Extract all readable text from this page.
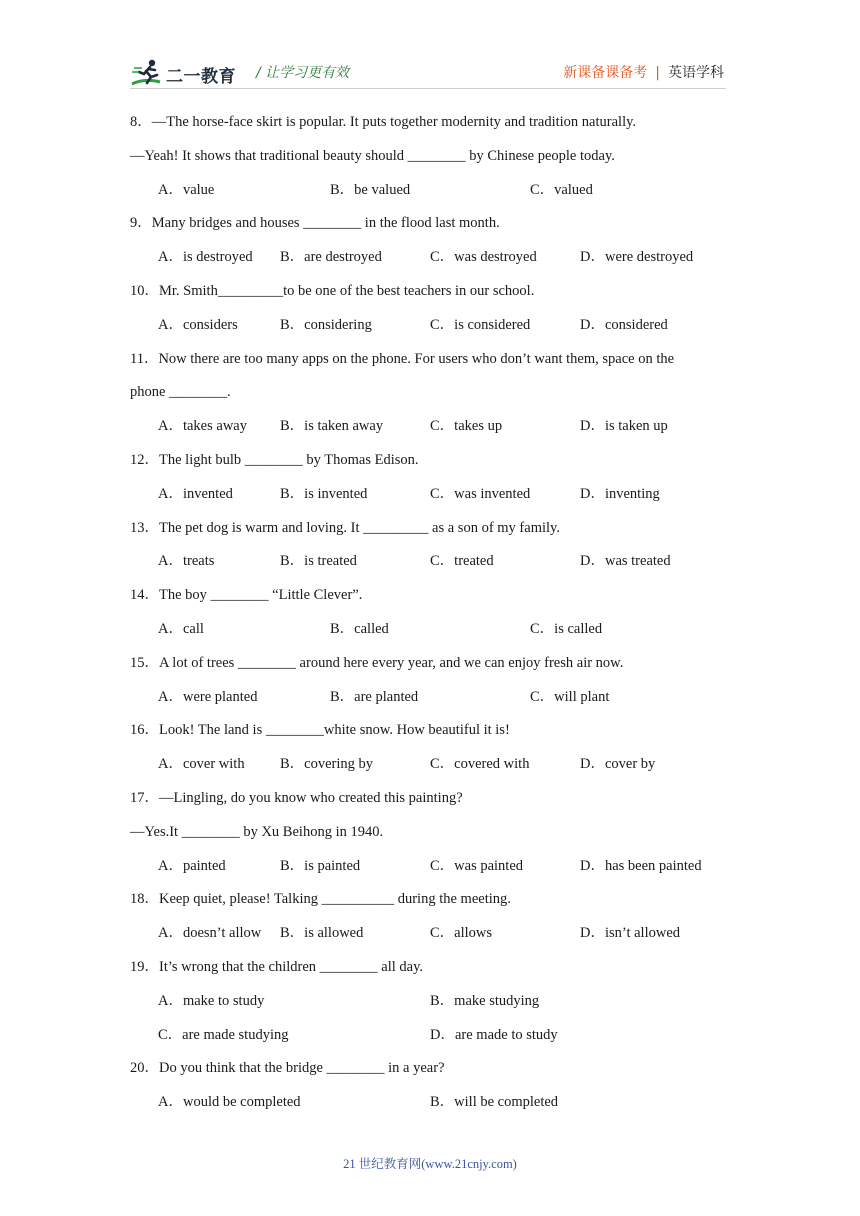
二一教育 / 让学习更有效	新课备课备考 | 英语学科
8．—The horse-face skirt is popular. It puts together modernity and tradition naturally.
—Yeah! It shows that traditional beauty should ________ by Chinese people today.
A．value	B．be valued	C．valued
9．Many bridges and houses ________ in the flood last month.
A．is destroyed B．are destroyed	C．was destroyed	D．were destroyed
10．Mr. Smith_________to be one of the best teachers in our school.
A．considers	B．considering	C．is considered	D．considered
11．Now there are too many apps on the phone. For users who don’t want them, space on the
phone ________.
A．takes away B．is taken away	C．takes up	D．is taken up
12．The light bulb ________ by Thomas Edison.
A．invented	B．is invented	C．was invented	D．inventing
13．The pet dog is warm and loving. It _________ as a son of my family.
A．treats	B．is treated	C．treated	D．was treated
14．The boy ________ “Little Clever”.
A．call	B．called	C．is called
15．A lot of trees ________ around here every year, and we can enjoy fresh air now.
A．were planted	B．are planted	C．will plant
16．Look! The land is ________white snow. How beautiful it is!
A．cover with B．covering by	C．covered with	D．cover by
17．—Lingling, do you know who created this painting?
—Yes.It ________ by Xu Beihong in 1940.
A．painted	B．is painted	C．was painted	D．has been painted
18．Keep quiet, please! Talking __________ during the meeting.
A．doesn’t allow B．is allowed	C．allows	D．isn’t allowed
19．It’s wrong that the children ________ all day.
A．make to study	B．make studying
C．are made studying	D．are made to study
20．Do you think that the bridge ________ in a year?
A．would be completed	B．will be completed
21 世纪教育网(www.21cnjy.com)
